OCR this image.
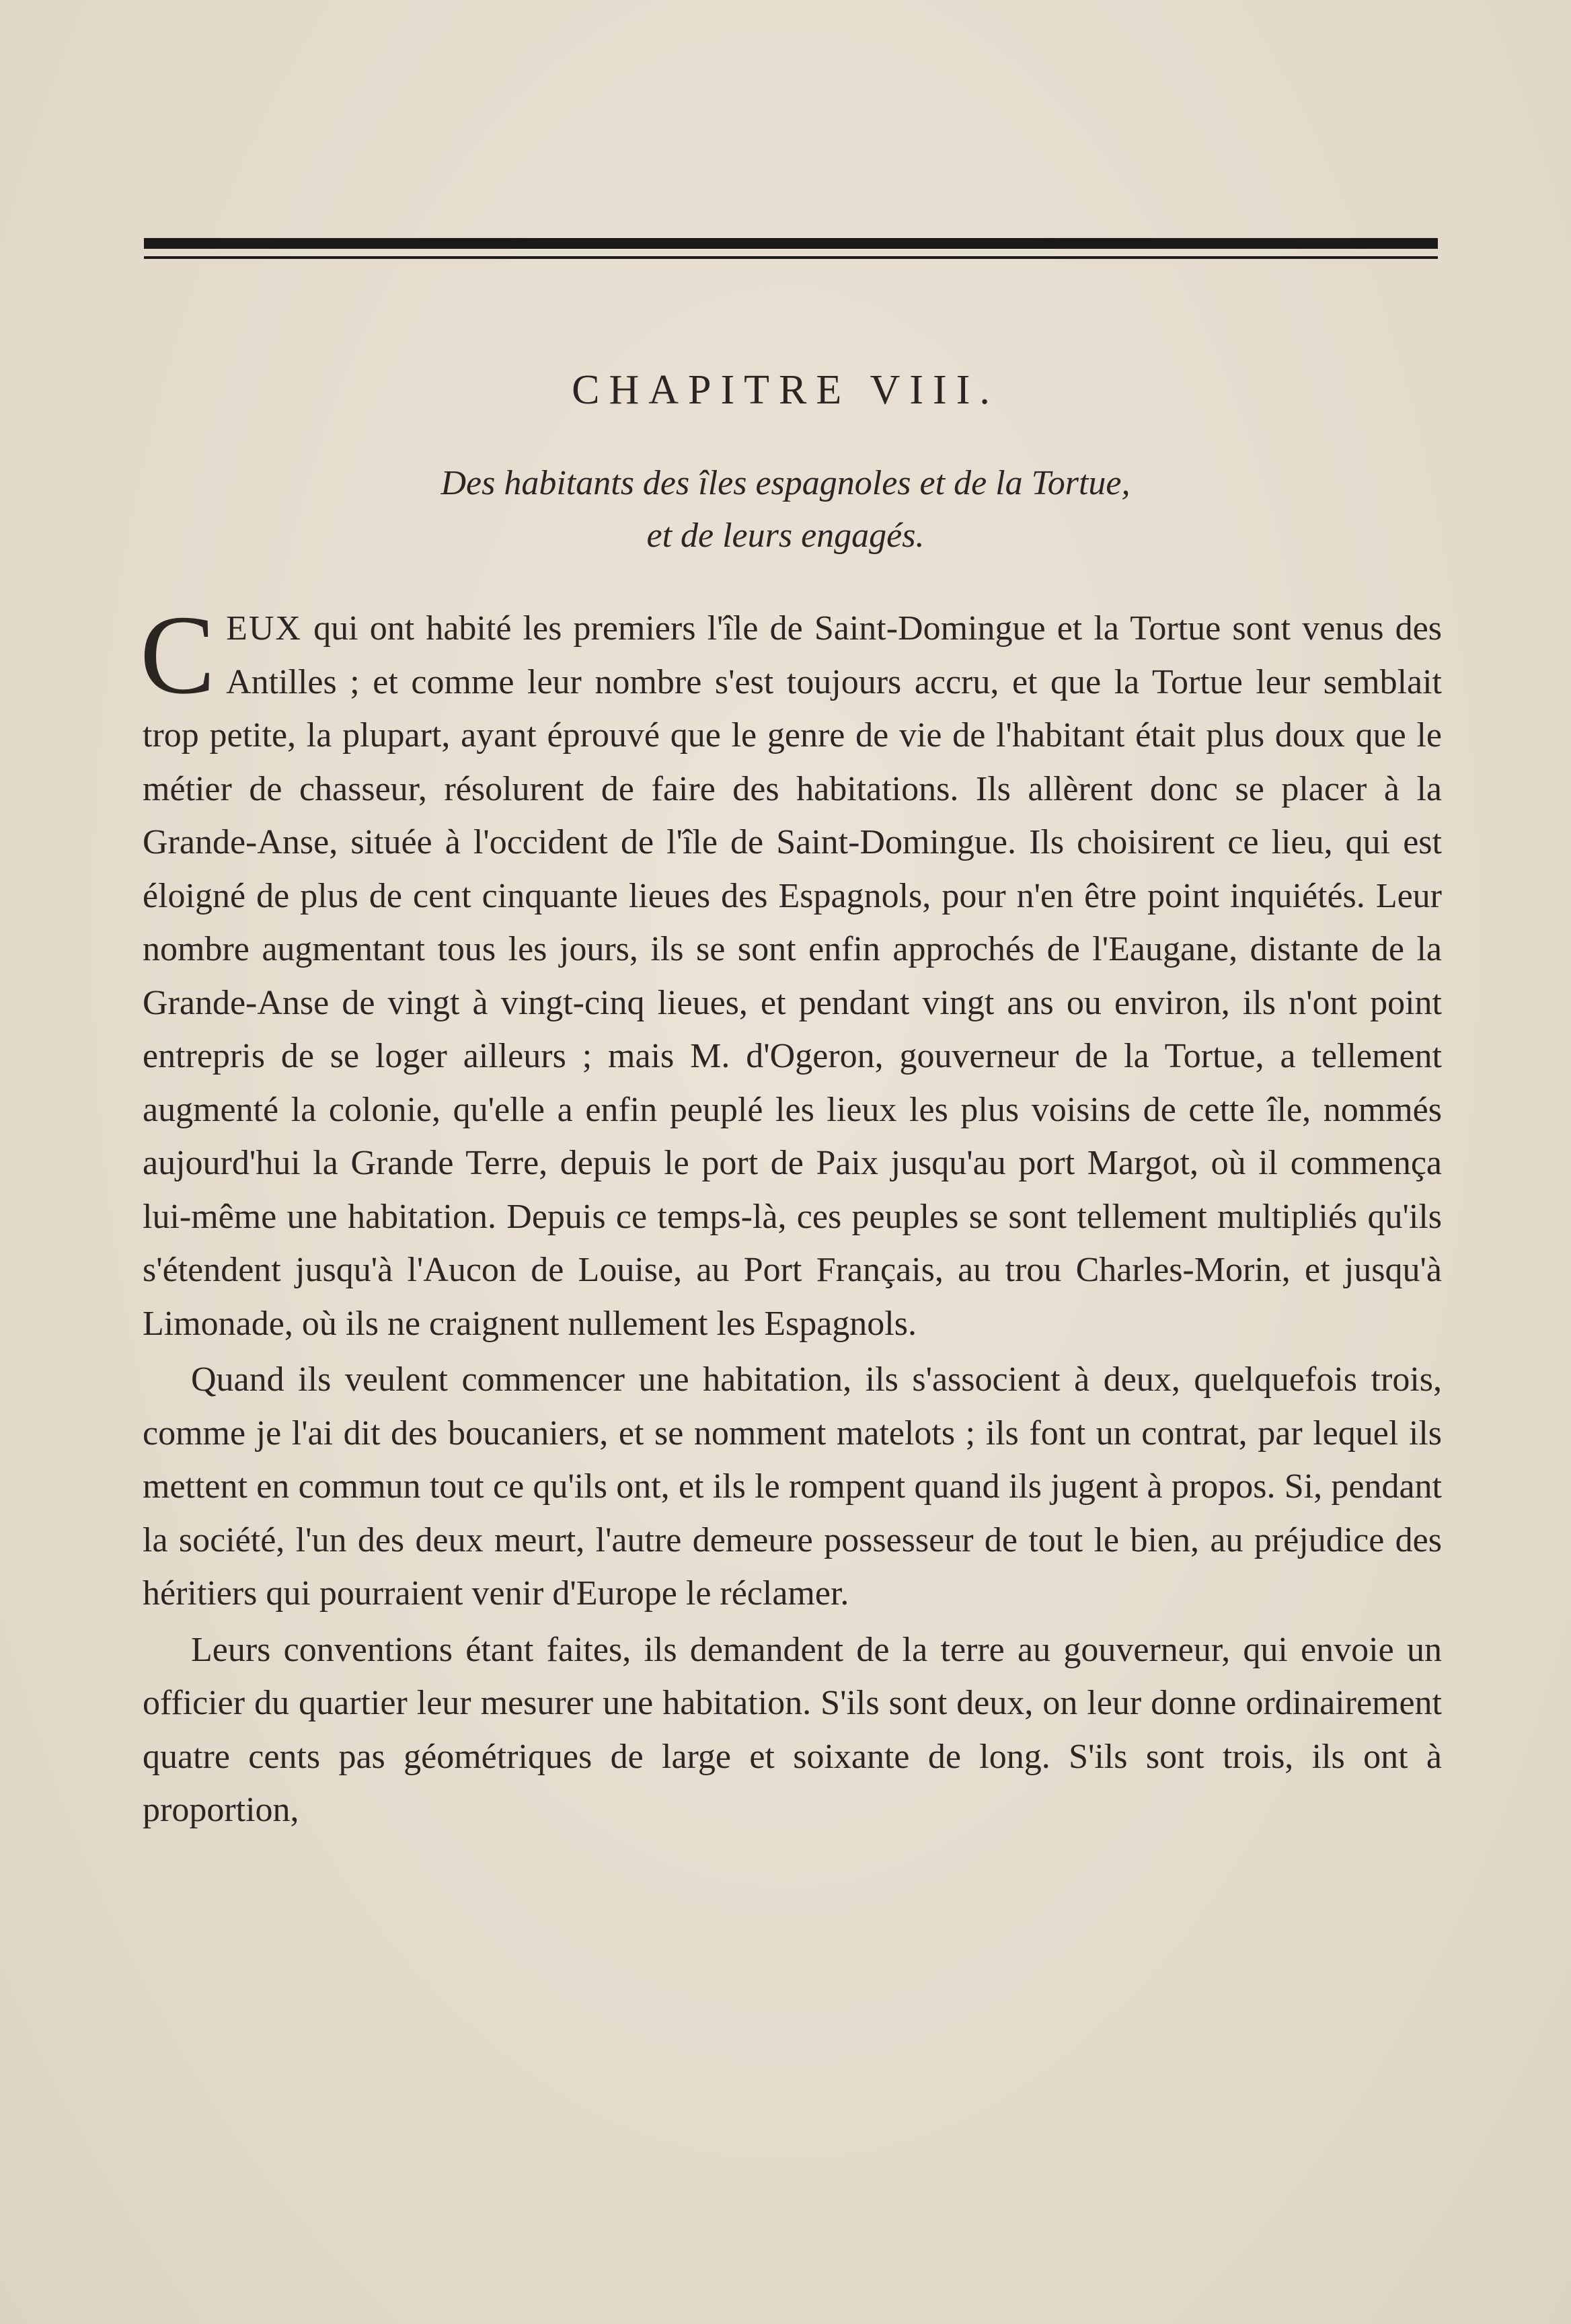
CHAPITRE VIII.
Des habitants des îles espagnoles et de la Tortue,
et de leurs engagés.

CEUX qui ont habité les premiers l'île de Saint-Domingue et la Tortue sont venus des Antilles ; et comme leur nombre s'est toujours accru, et que la Tortue leur semblait trop petite, la plupart, ayant éprouvé que le genre de vie de l'habitant était plus doux que le métier de chasseur, résolurent de faire des habitations. Ils allèrent donc se placer à la Grande-Anse, située à l'occident de l'île de Saint-Domingue. Ils choisirent ce lieu, qui est éloigné de plus de cent cinquante lieues des Espagnols, pour n'en être point inquiétés. Leur nombre augmentant tous les jours, ils se sont enfin approchés de l'Eaugane, distante de la Grande-Anse de vingt à vingt-cinq lieues, et pendant vingt ans ou environ, ils n'ont point entrepris de se loger ailleurs ; mais M. d'Ogeron, gouverneur de la Tortue, a tellement augmenté la colonie, qu'elle a enfin peuplé les lieux les plus voisins de cette île, nommés aujourd'hui la Grande Terre, depuis le port de Paix jusqu'au port Margot, où il commença lui-même une habitation. Depuis ce temps-là, ces peuples se sont tellement multipliés qu'ils s'étendent jusqu'à l'Aucon de Louise, au Port Français, au trou Charles-Morin, et jusqu'à Limonade, où ils ne craignent nullement les Espagnols.

Quand ils veulent commencer une habitation, ils s'associent à deux, quelquefois trois, comme je l'ai dit des boucaniers, et se nomment matelots ; ils font un contrat, par lequel ils mettent en commun tout ce qu'ils ont, et ils le rompent quand ils jugent à propos. Si, pendant la société, l'un des deux meurt, l'autre demeure possesseur de tout le bien, au préjudice des héritiers qui pourraient venir d'Europe le réclamer.

Leurs conventions étant faites, ils demandent de la terre au gouverneur, qui envoie un officier du quartier leur mesurer une habitation. S'ils sont deux, on leur donne ordinairement quatre cents pas géométriques de large et soixante de long. S'ils sont trois, ils ont à proportion,
